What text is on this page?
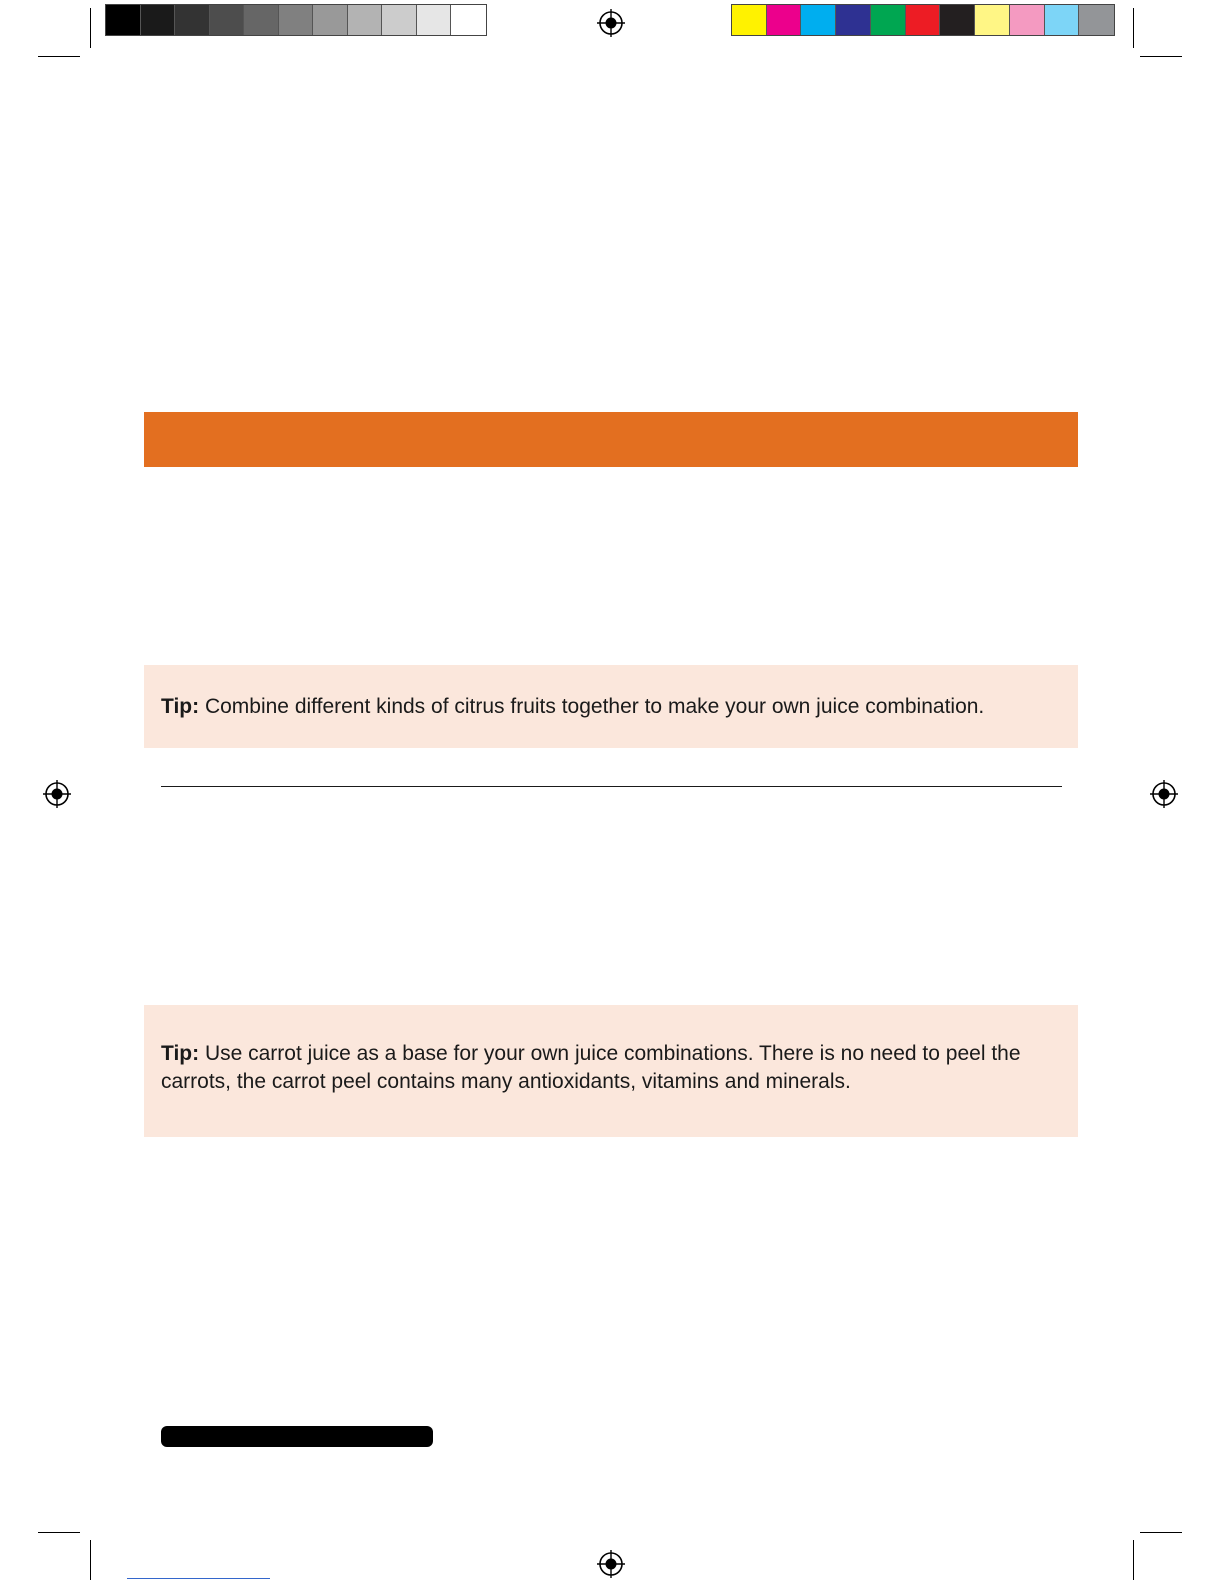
Tip: Combine different kinds of citrus fruits together to make your own juice combination.
Tip: Use carrot juice as a base for your own juice combinations. There is no need to peel the carrots, the carrot peel contains many antioxidants, vitamins and minerals.
